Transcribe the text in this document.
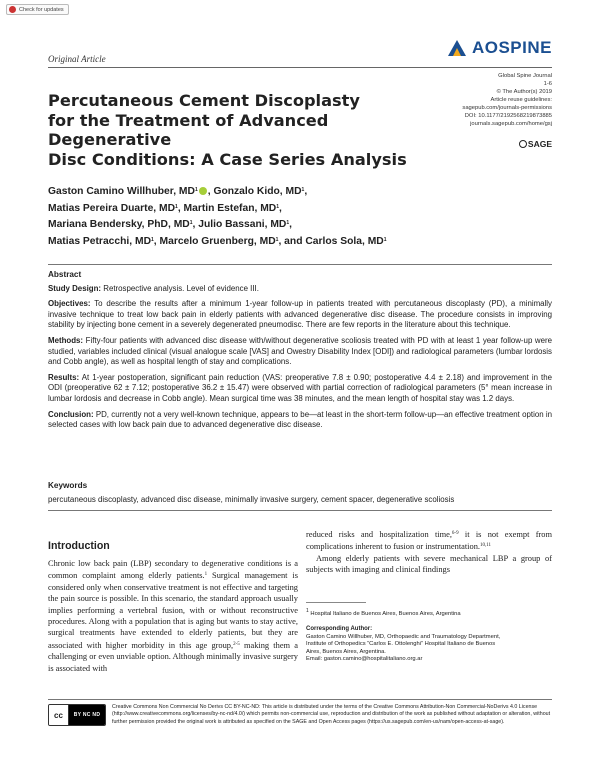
Check for updates
Original Article
AOSPINE
Global Spine Journal
1-6
© The Author(s) 2019
Article reuse guidelines:
sagepub.com/journals-permissions
DOI: 10.1177/2192568219873885
journals.sagepub.com/home/gsj
SAGE
Percutaneous Cement Discoplasty
for the Treatment of Advanced Degenerative
Disc Conditions: A Case Series Analysis
Gaston Camino Willhuber, $MD^1$ , Gonzalo Kido, $MD^1$,
Matias Pereira Duarte, $MD^1$, Martin Estefan, $MD^1$,
Mariana Bendersky, PhD, $MD^1$, Julio Bassani, $MD^1$,
Matias Petracchi, $MD^1$, Marcelo Gruenberg, $MD^1$, and Carlos Sola, $MD^1$
Abstract

Study Design: Retrospective analysis. Level of evidence III.

Objectives: To describe the results after a minimum 1-year follow-up in patients treated with percutaneous discoplasty (PD), a minimally invasive technique to treat low back pain in elderly patients with advanced degenerative disc disease. The procedure consists in improving stability by injecting bone cement in a severely degenerated pneumodisc. There are few reports in the literature about this technique.

Methods: Fifty-four patients with advanced disc disease with/without degenerative scoliosis treated with PD with at least 1 year follow-up were studied, variables included clinical (visual analogue scale [VAS] and Owestry Disability Index [ODI]) and radiological parameters (lumbar lordosis and Cobb angle), as well as hospital length of stay and complications.

Results: At 1-year postoperation, significant pain reduction (VAS: preoperative 7.8 ± 0.90; postoperative 4.4 ± 2.18) and improvement in the ODI (preoperative 62 ± 7.12; postoperative 36.2 ± 15.47) were observed with partial correction of radiological parameters (5° mean increase in lumbar lordosis and decrease in Cobb angle). Mean surgical time was 38 minutes, and the mean length of hospital stay was 1.2 days.

Conclusion: PD, currently not a very well-known technique, appears to be—at least in the short-term follow-up—an effective treatment option in selected cases with low back pain due to advanced degenerative disc disease.

Keywords
percutaneous discoplasty, advanced disc disease, minimally invasive surgery, cement spacer, degenerative scoliosis
Introduction

Chronic low back pain (LBP) secondary to degenerative conditions is a common complaint among elderly patients.$^1$ Surgical management is considered only when conservative treatment is not effective and targeting the pain source is possible. In this scenario, the standard approach usually implies performing a vertebral fusion, with or without reconstructive procedures. Along with a population that is aging but wants to stay active, surgical treatments have extended to elderly patients, but they are associated with higher morbidity in this age group,$^{2-5}$ making them a challenging or even unviable option. Although minimally invasive surgery is associated with

reduced risks and hospitalization time,$^{6-9}$ it is not exempt from complications inherent to fusion or instrumentation.$^{10,11}$

Among elderly patients with severe mechanical LBP a group of subjects with imaging and clinical findings

$^1$ Hospital Italiano de Buenos Aires, Buenos Aires, Argentina
Corresponding Author:
Gaston Camino Willhuber, MD, Orthopaedic and Traumatology Department,
Institute of Orthopedics “Carlos E. Ottolenghi” Hospital Italiano de Buenos
Aires, Buenos Aires, Argentina.
Email: gaston.camino@hospitalitaliano.org.ar
cc	BY NC ND
Creative Commons Non Commercial No Derivs CC BY-NC-ND: This article is distributed under the terms of the Creative Commons Attribution-Non Commercial-NoDerivs 4.0 License (http://www.creativecommons.org/licenses/by-nc-nd/4.0/) which permits non-commercial use, reproduction and distribution of the work as published without adaptation or alteration, without further permission provided the original work is attributed as specified on the SAGE and Open Access pages (https://us.sagepub.com/en-us/nam/open-access-at-sage).
